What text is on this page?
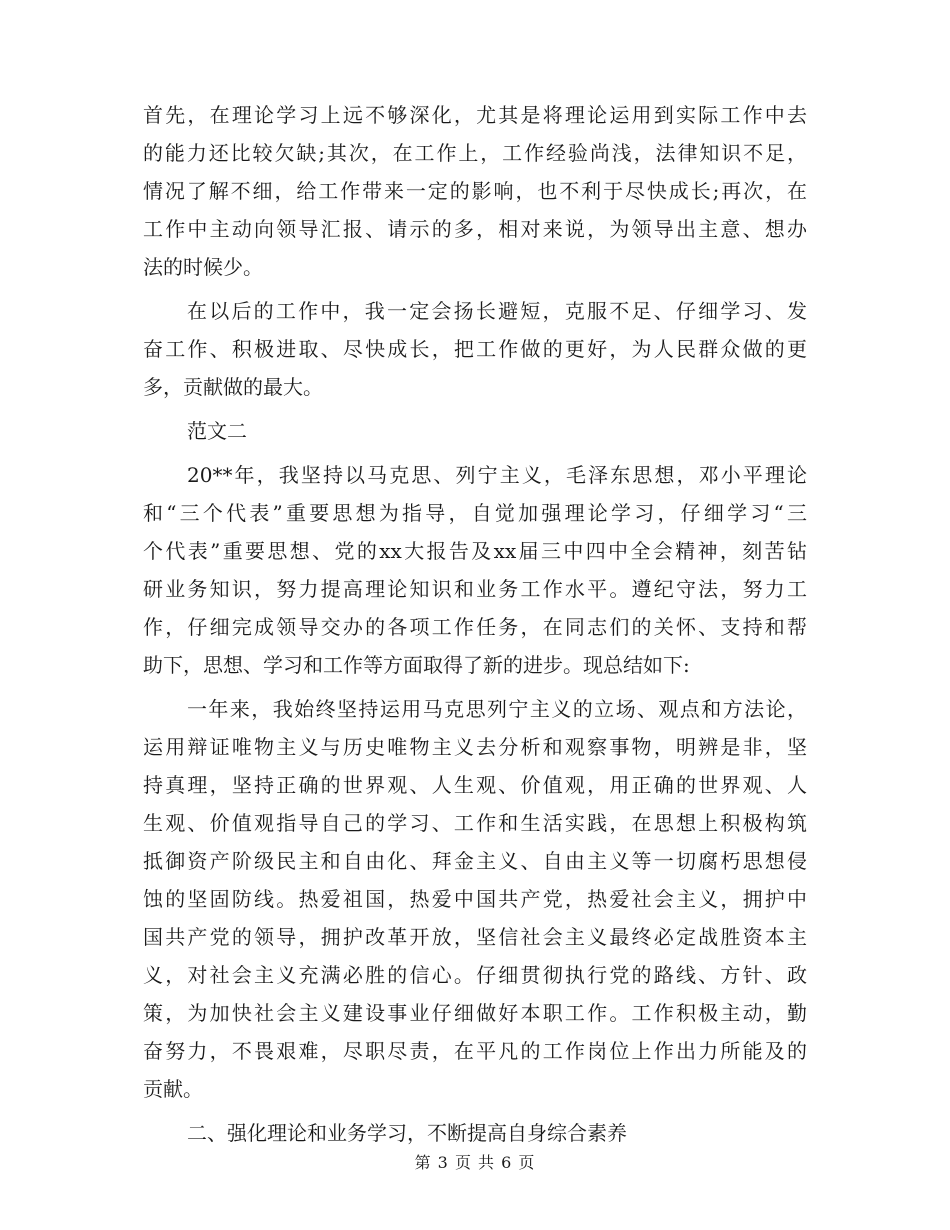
首先，在理论学习上远不够深化，尤其是将理论运用到实际工作中去
的能力还比较欠缺;其次，在工作上，工作经验尚浅，法律知识不足，
情况了解不细，给工作带来一定的影响，也不利于尽快成长;再次，在
工作中主动向领导汇报、请示的多，相对来说，为领导出主意、想办
法的时候少。
在以后的工作中，我一定会扬长避短，克服不足、仔细学习、发
奋工作、积极进取、尽快成长，把工作做的更好，为人民群众做的更
多，贡献做的最大。
范文二
20**年，我坚持以马克思、列宁主义，毛泽东思想，邓小平理论
和“三个代表”重要思想为指导，自觉加强理论学习，仔细学习“三
个代表”重要思想、党的xx大报告及xx届三中四中全会精神，刻苦钻
研业务知识，努力提高理论知识和业务工作水平。遵纪守法，努力工
作，仔细完成领导交办的各项工作任务，在同志们的关怀、支持和帮
助下，思想、学习和工作等方面取得了新的进步。现总结如下:
一年来，我始终坚持运用马克思列宁主义的立场、观点和方法论，
运用辩证唯物主义与历史唯物主义去分析和观察事物，明辨是非，坚
持真理，坚持正确的世界观、人生观、价值观，用正确的世界观、人
生观、价值观指导自己的学习、工作和生活实践，在思想上积极构筑
抵御资产阶级民主和自由化、拜金主义、自由主义等一切腐朽思想侵
蚀的坚固防线。热爱祖国，热爱中国共产党，热爱社会主义，拥护中
国共产党的领导，拥护改革开放，坚信社会主义最终必定战胜资本主
义，对社会主义充满必胜的信心。仔细贯彻执行党的路线、方针、政
策，为加快社会主义建设事业仔细做好本职工作。工作积极主动，勤
奋努力，不畏艰难，尽职尽责，在平凡的工作岗位上作出力所能及的
贡献。
二、强化理论和业务学习，不断提高自身综合素养
第 3 页 共 6 页
